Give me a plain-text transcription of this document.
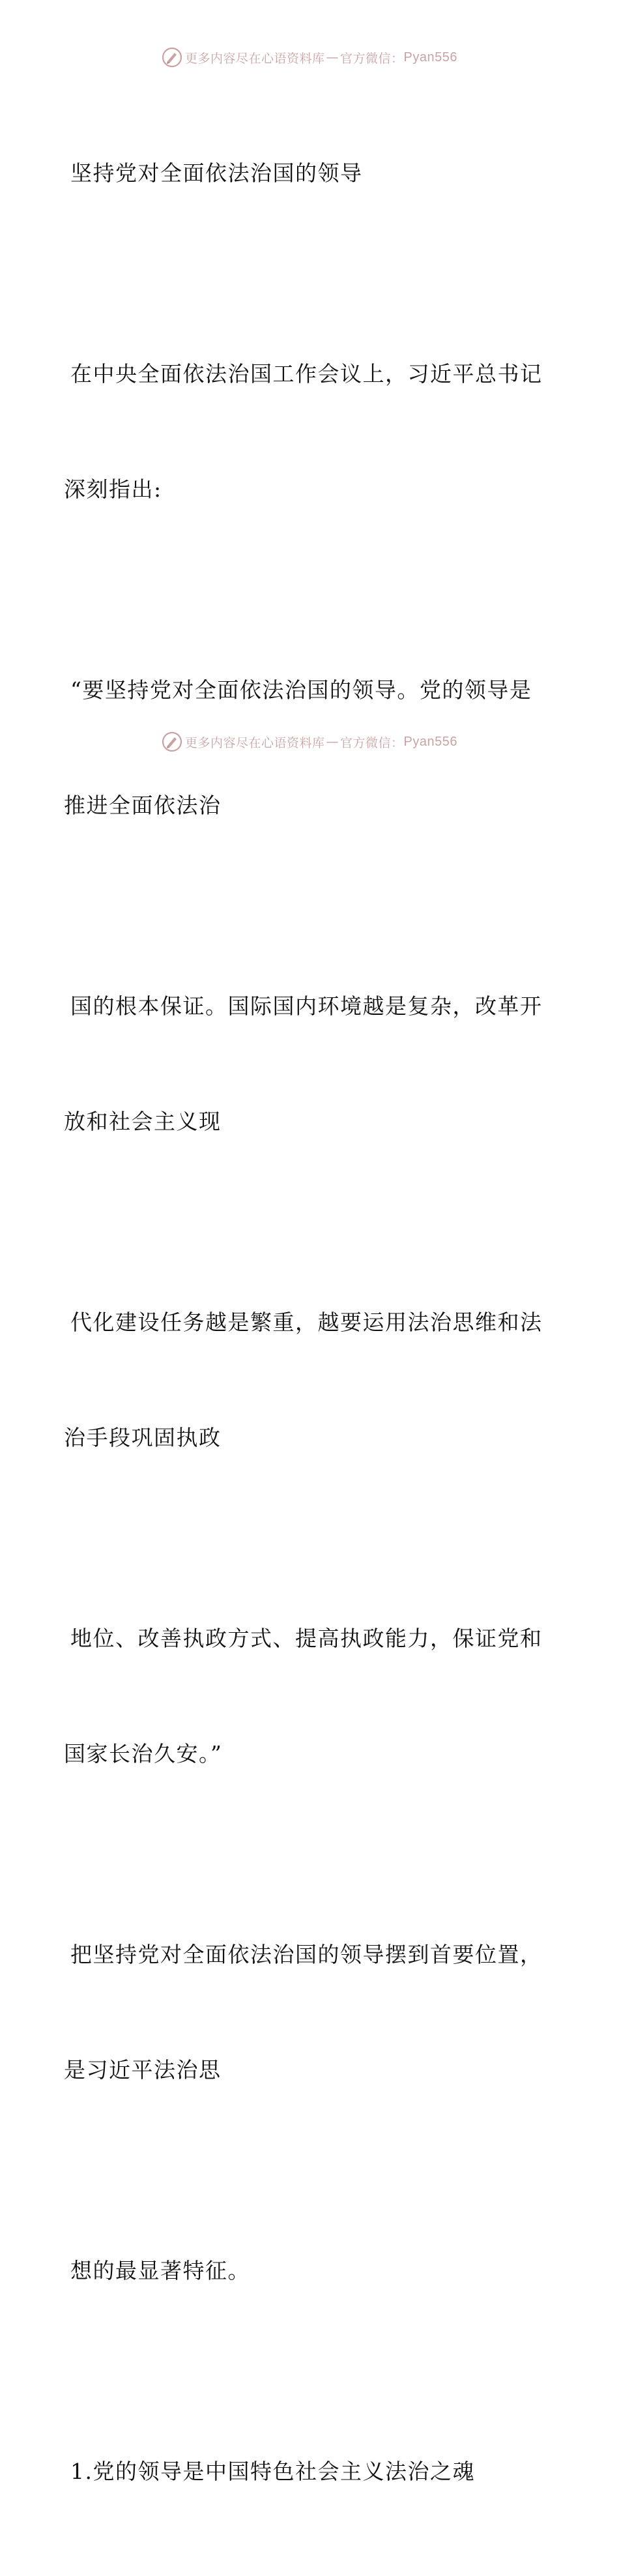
更多内容尽在心语资料库 — 官方微信： Pyan556

坚持党对全面依法治国的领导

在中央全面依法治国工作会议上，习近平总书记

深刻指出:

“要坚持党对全面依法治国的领导。党的领导是

推进全面依法治

国的根本保证。国际国内环境越是复杂，改革开

放和社会主义现

代化建设任务越是繁重，越要运用法治思维和法

治手段巩固执政

地位、改善执政方式、提高执政能力，保证党和

国家长治久安。”

把坚持党对全面依法治国的领导摆到首要位置，

是习近平法治思

想的最显著特征。

1.党的领导是中国特色社会主义法治之魂

更多内容尽在心语资料库 — 官方微信： Pyan556
